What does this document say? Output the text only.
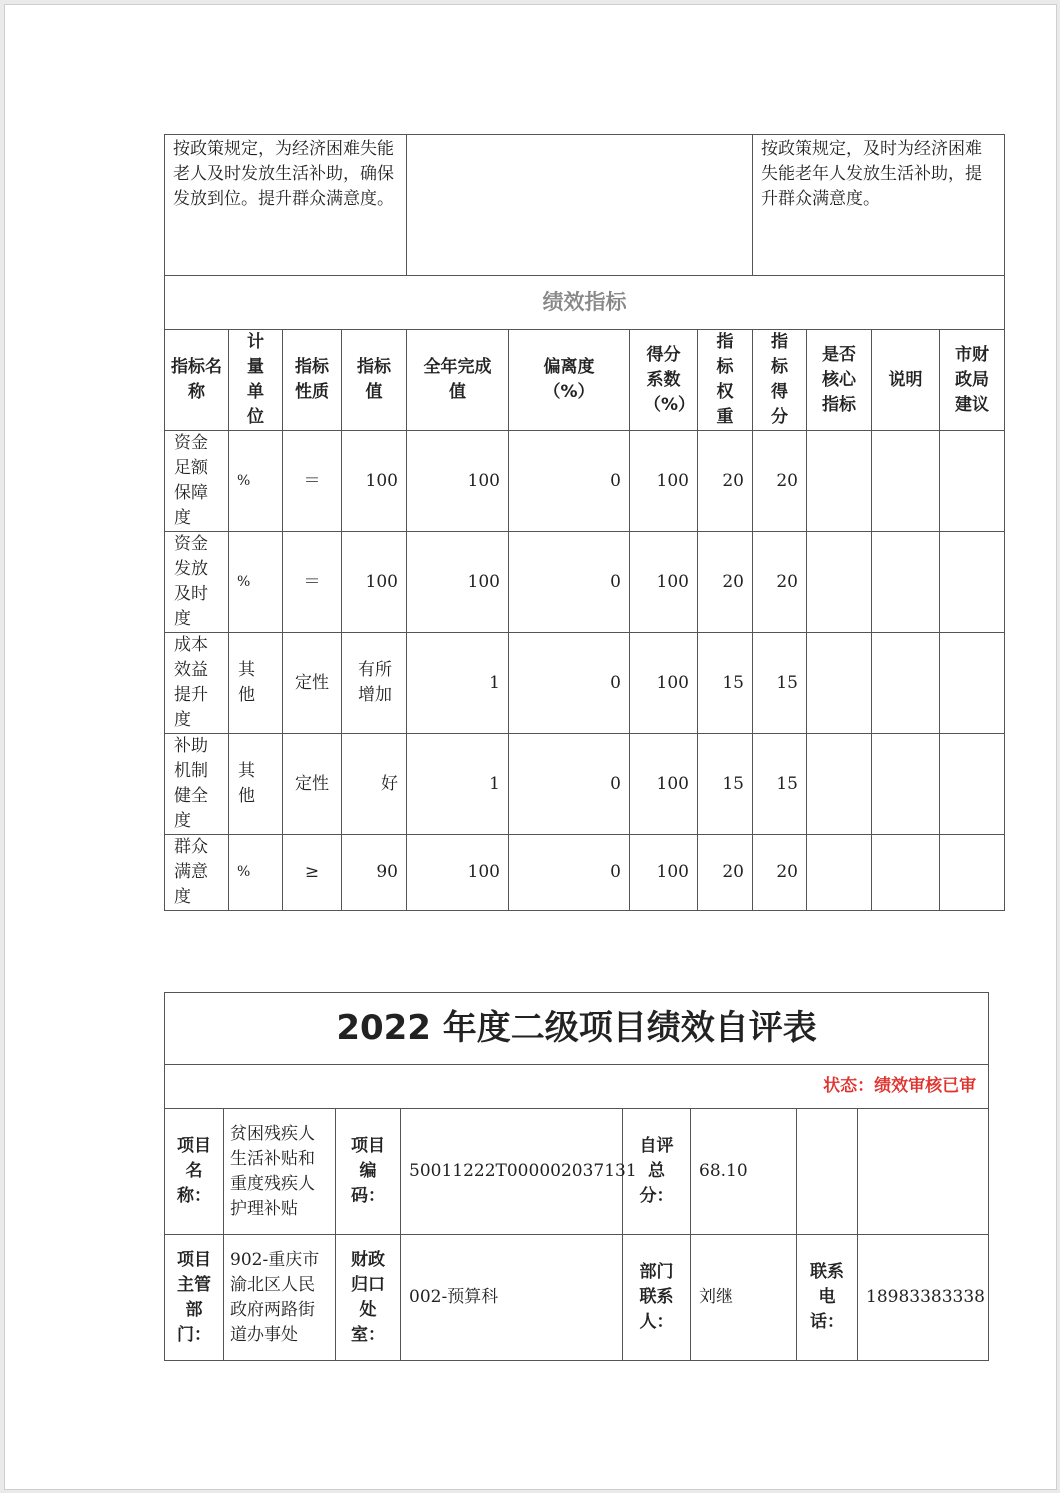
按政策规定，为经济困难失能老人及时发放生活补助，确保发放到位。提升群众满意度。								按政策规定，及时为经济困难失能老年人发放生活补助，提升群众满意度。			
绩效指标											
指标名称	计量单位	指标性质	指标值	全年完成值	偏离度（%）	得分系数（%）	指标权重	指标得分	是否核心指标	说明	市财政局建议
资金足额保障度	%	＝	100	100	0	100	20	20			
资金发放及时度	%	＝	100	100	0	100	20	20			
成本效益提升度	其他	定性	有所增加	1	0	100	15	15			
补助机制健全度	其他	定性	好	1	0	100	15	15			
群众满意度	%	≥	90	100	0	100	20	20			
2022 年度二级项目绩效自评表							
状态：绩效审核已审							
项目名称：	贫困残疾人生活补贴和重度残疾人护理补贴	项目编码：	50011222T000002037131	自评总分：	68.10		
项目主管部门：	902-重庆市渝北区人民政府两路街道办事处	财政归口处室：	002-预算科	部门联系人：	刘继	联系电话：	18983383338
